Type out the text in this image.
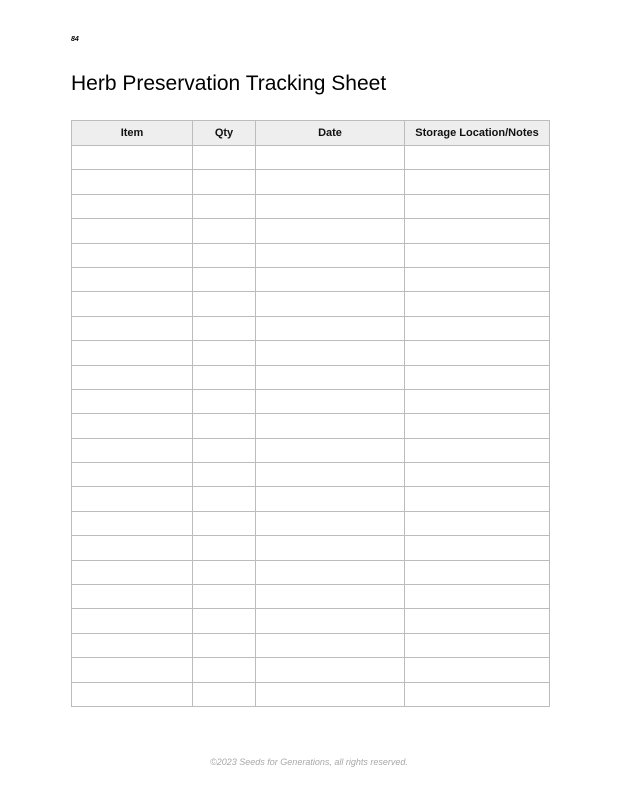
84
Herb Preservation Tracking Sheet
Item	Qty	Date	Storage Location/Notes

©2023 Seeds for Generations, all rights reserved.
